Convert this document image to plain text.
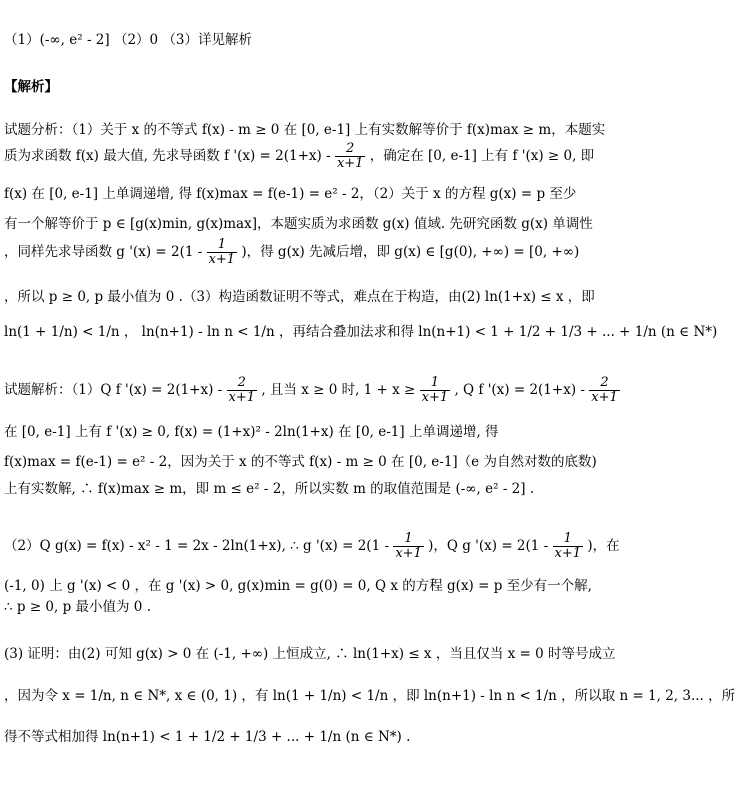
（1）(-∞, e² - 2] （2）0 （3）详见解析
【解析】
试题分析：（1）关于 x 的不等式 f(x) - m ≥ 0 在 [0, e-1] 上有实数解等价于 f(x)max ≥ m，本题实
质为求函数 f(x) 最大值, 先求导函数 f '$(x) = 2(1+x) - \frac{2}{x+1}$ ，确定在 [0, e-1] 上有 f '(x) ≥ 0, 即
f(x) 在 [0, e-1] 上单调递增, 得 f(x)max = f(e-1) = e² - 2，（2）关于 x 的方程 g(x) = p 至少
有一个解等价于 p ∈ [g(x)min, g(x)max]，本题实质为求函数 g(x) 值域. 先研究函数 g(x) 单调性
，同样先求导函数 g '$(x) = 2(1 - \frac{1}{x+1}$ )，得 g(x) 先减后增，即 g(x) ∈ [g(0), +∞) = [0, +∞)
，所以 p ≥ 0, p 最小值为 0 .（3）构造函数证明不等式，难点在于构造，由(2) ln(1+x) ≤ x ，即
ln(1 + 1/n) < 1/n ， ln(n+1) - ln n < 1/n ，再结合叠加法求和得 ln(n+1) < 1 + 1/2 + 1/3 + ... + 1/n (n ∈ N*)
试题解析：（1）Q f '$(x) = 2(1+x) - \frac{2}{x+1}$ , 且当 x ≥ 0 时, $1 + x \ge \frac{1}{x+1}$ , Q f '$(x) = 2(1+x) - \frac{2}{x+1}$
在 [0, e-1] 上有 f '(x) ≥ 0, f(x) = (1+x)² - 2ln(1+x) 在 [0, e-1] 上单调递增, 得
f(x)max = f(e-1) = e² - 2，因为关于 x 的不等式 f(x) - m ≥ 0 在 [0, e-1]（e 为自然对数的底数)
上有实数解, ∴ f(x)max ≥ m，即 m ≤ e² - 2，所以实数 m 的取值范围是 (-∞, e² - 2] .
（2）Q g(x) = f(x) - x² - 1 = 2x - 2ln(1+x), ∴ g '$(x) = 2(1 - \frac{1}{x+1}$ )，Q g '$(x) = 2(1 - \frac{1}{x+1}$ )，在
(-1, 0) 上 g '(x) < 0 ，在 g '(x) > 0, g(x)min = g(0) = 0, Q x 的方程 g(x) = p 至少有一个解,
∴ p ≥ 0, p 最小值为 0 .
(3) 证明：由(2) 可知 g(x) > 0 在 (-1, +∞) 上恒成立, ∴ ln(1+x) ≤ x ，当且仅当 x = 0 时等号成立
，因为令 x = 1/n, n ∈ N*, x ∈ (0, 1) ，有 ln(1 + 1/n) < 1/n ，即 ln(n+1) - ln n < 1/n ，所以取 n = 1, 2, 3... ，所
得不等式相加得 ln(n+1) < 1 + 1/2 + 1/3 + ... + 1/n (n ∈ N*) .
